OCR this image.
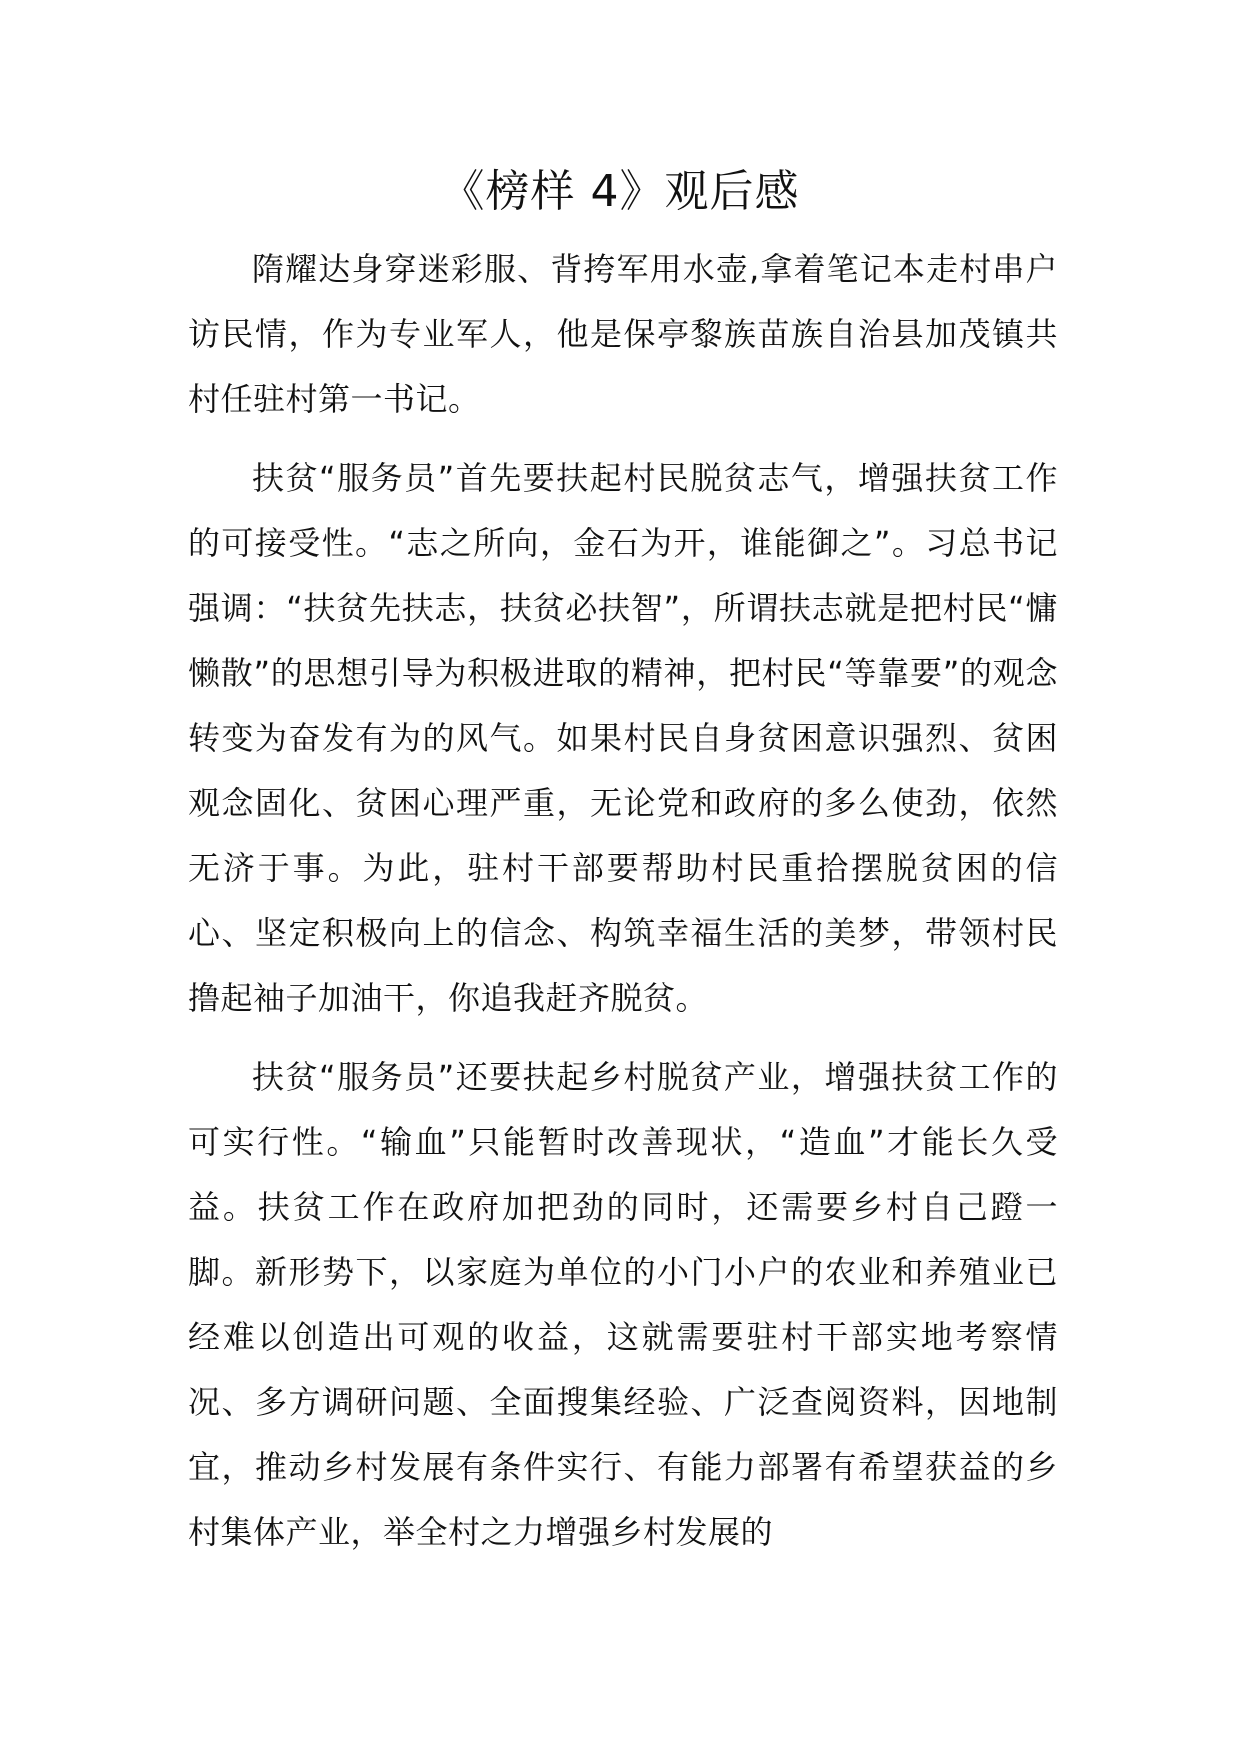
《榜样 4》观后感

隋耀达身穿迷彩服、背挎军用水壶,拿着笔记本走村串户访民情，作为专业军人，他是保亭黎族苗族自治县加茂镇共村任驻村第一书记。

扶贫“服务员”首先要扶起村民脱贫志气，增强扶贫工作的可接受性。“志之所向，金石为开，谁能御之”。习总书记强调：“扶贫先扶志，扶贫必扶智”，所谓扶志就是把村民“慵懒散”的思想引导为积极进取的精神，把村民“等靠要”的观念转变为奋发有为的风气。如果村民自身贫困意识强烈、贫困观念固化、贫困心理严重，无论党和政府的多么使劲，依然无济于事。为此，驻村干部要帮助村民重拾摆脱贫困的信心、坚定积极向上的信念、构筑幸福生活的美梦，带领村民撸起袖子加油干，你追我赶齐脱贫。

扶贫“服务员”还要扶起乡村脱贫产业，增强扶贫工作的可实行性。“输血”只能暂时改善现状，“造血”才能长久受益。扶贫工作在政府加把劲的同时，还需要乡村自己蹬一脚。新形势下，以家庭为单位的小门小户的农业和养殖业已经难以创造出可观的收益，这就需要驻村干部实地考察情况、多方调研问题、全面搜集经验、广泛查阅资料，因地制宜，推动乡村发展有条件实行、有能力部署有希望获益的乡村集体产业，举全村之力增强乡村发展的
